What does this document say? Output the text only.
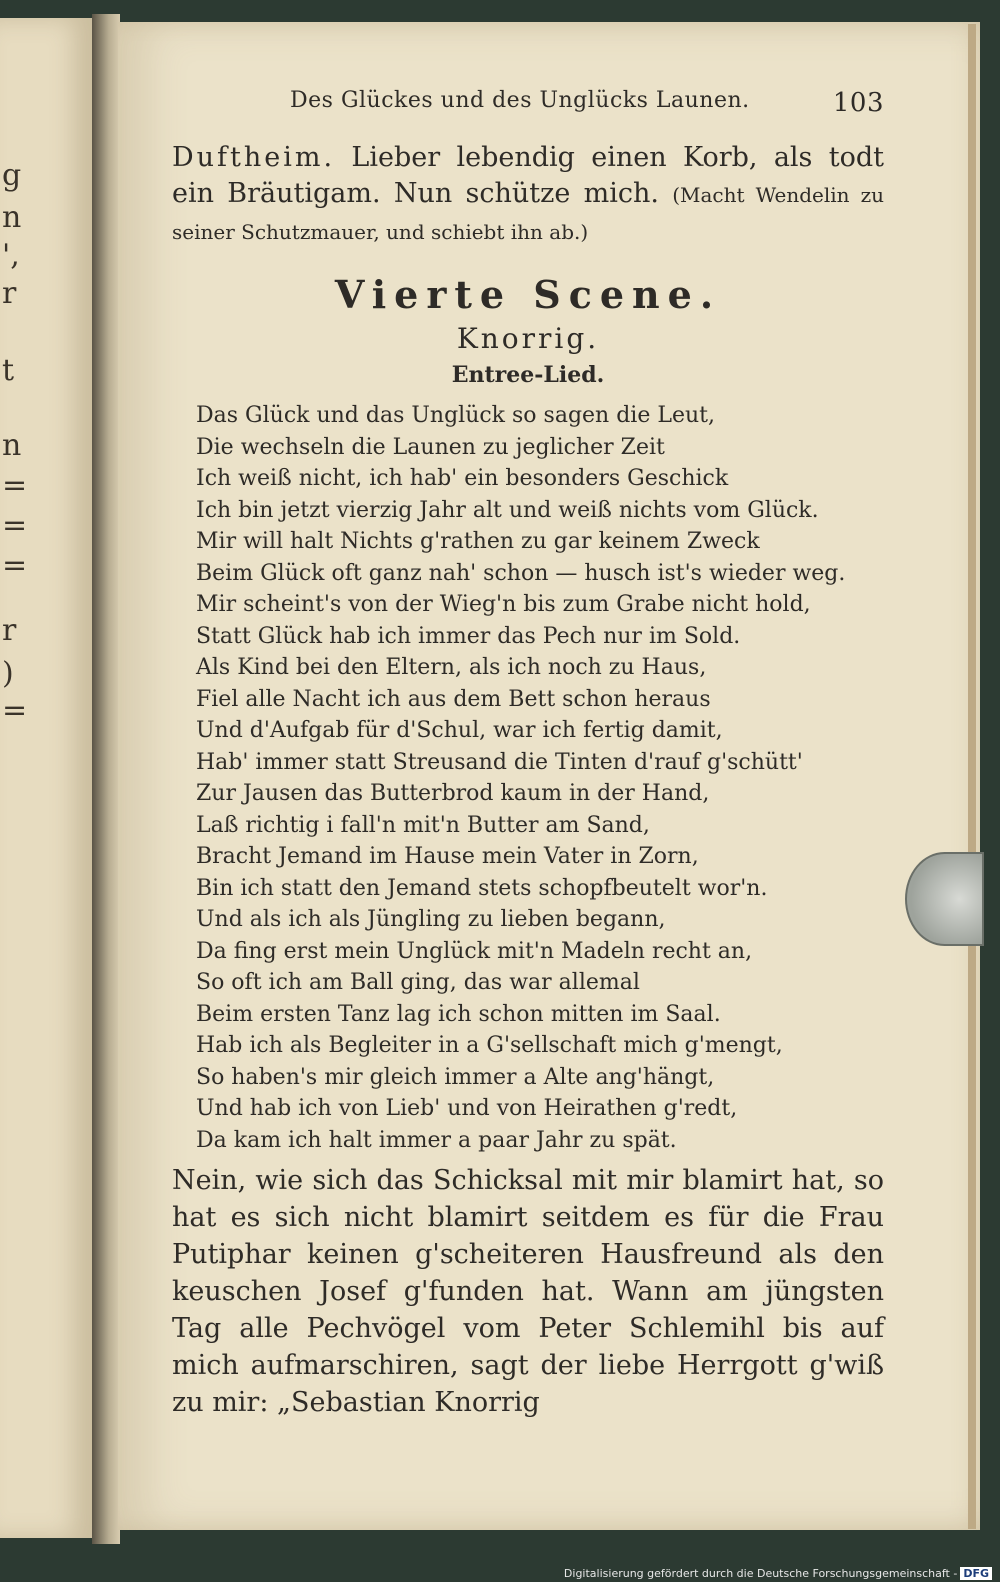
g
n
',
r
t
n
=
=
=
r
)
=
Des Glückes und des Unglücks Launen.	103
Duftheim. Lieber lebendig einen Korb, als todt ein Bräutigam. Nun schütze mich. (Macht Wendelin zu seiner Schutzmauer, und schiebt ihn ab.)
Vierte Scene.
Knorrig.
Entree-Lied.
Das Glück und das Unglück so sagen die Leut,
Die wechseln die Launen zu jeglicher Zeit
Ich weiß nicht, ich hab' ein besonders Geschick
Ich bin jetzt vierzig Jahr alt und weiß nichts vom Glück.
Mir will halt Nichts g'rathen zu gar keinem Zweck
Beim Glück oft ganz nah' schon — husch ist's wieder weg.
Mir scheint's von der Wieg'n bis zum Grabe nicht hold,
Statt Glück hab ich immer das Pech nur im Sold.
Als Kind bei den Eltern, als ich noch zu Haus,
Fiel alle Nacht ich aus dem Bett schon heraus
Und d'Aufgab für d'Schul, war ich fertig damit,
Hab' immer statt Streusand die Tinten d'rauf g'schütt'
Zur Jausen das Butterbrod kaum in der Hand,
Laß richtig i fall'n mit'n Butter am Sand,
Bracht Jemand im Hause mein Vater in Zorn,
Bin ich statt den Jemand stets schopfbeutelt wor'n.
Und als ich als Jüngling zu lieben begann,
Da fing erst mein Unglück mit'n Madeln recht an,
So oft ich am Ball ging, das war allemal
Beim ersten Tanz lag ich schon mitten im Saal.
Hab ich als Begleiter in a G'sellschaft mich g'mengt,
So haben's mir gleich immer a Alte ang'hängt,
Und hab ich von Lieb' und von Heirathen g'redt,
Da kam ich halt immer a paar Jahr zu spät.
Nein, wie sich das Schicksal mit mir blamirt hat, so hat es sich nicht blamirt seitdem es für die Frau Putiphar keinen g'scheiteren Hausfreund als den keuschen Josef g'funden hat. Wann am jüngsten Tag alle Pechvögel vom Peter Schlemihl bis auf mich aufmarschiren, sagt der liebe Herrgott g'wiß zu mir: „Sebastian Knorrig
Digitalisierung gefördert durch die Deutsche Forschungsgemeinschaft - DFG
